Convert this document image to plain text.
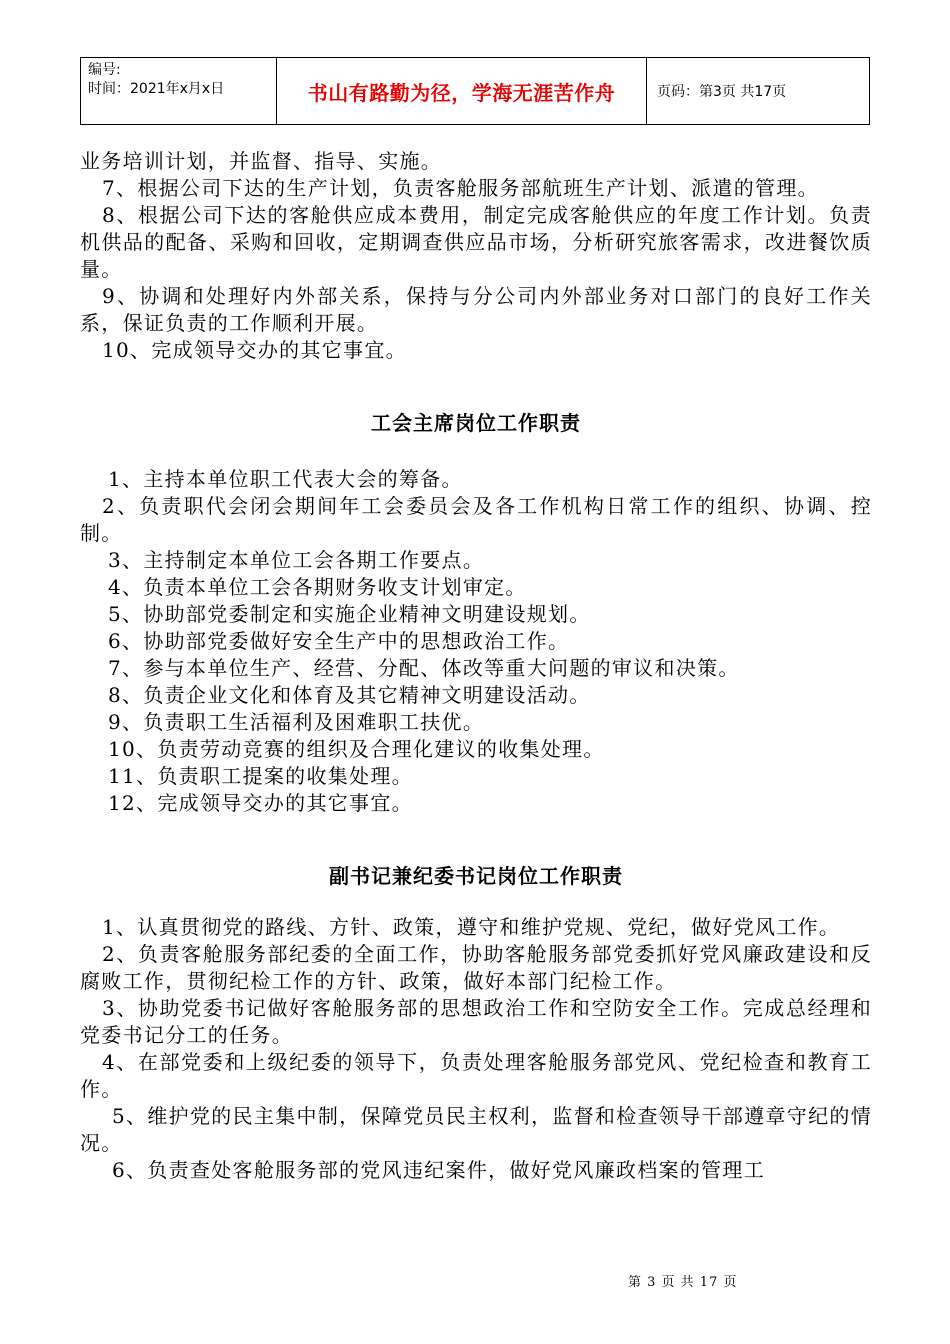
编号:
时间：2021年x月x日	书山有路勤为径，学海无涯苦作舟	页码：第3页 共17页

业务培训计划，并监督、指导、实施。

7、根据公司下达的生产计划，负责客舱服务部航班生产计划、派遣的管理。

8、根据公司下达的客舱供应成本费用，制定完成客舱供应的年度工作计划。负责机供品的配备、采购和回收，定期调查供应品市场，分析研究旅客需求，改进餐饮质量。

9、协调和处理好内外部关系，保持与分公司内外部业务对口部门的良好工作关系，保证负责的工作顺利开展。

10、完成领导交办的其它事宜。

工会主席岗位工作职责

1、主持本单位职工代表大会的筹备。

2、负责职代会闭会期间年工会委员会及各工作机构日常工作的组织、协调、控制。

3、主持制定本单位工会各期工作要点。

4、负责本单位工会各期财务收支计划审定。

5、协助部党委制定和实施企业精神文明建设规划。

6、协助部党委做好安全生产中的思想政治工作。

7、参与本单位生产、经营、分配、体改等重大问题的审议和决策。

8、负责企业文化和体育及其它精神文明建设活动。

9、负责职工生活福利及困难职工扶优。

10、负责劳动竞赛的组织及合理化建议的收集处理。

11、负责职工提案的收集处理。

12、完成领导交办的其它事宜。

副书记兼纪委书记岗位工作职责

1、认真贯彻党的路线、方针、政策，遵守和维护党规、党纪，做好党风工作。

2、负责客舱服务部纪委的全面工作，协助客舱服务部党委抓好党风廉政建设和反腐败工作，贯彻纪检工作的方针、政策，做好本部门纪检工作。

3、协助党委书记做好客舱服务部的思想政治工作和空防安全工作。完成总经理和党委书记分工的任务。

4、在部党委和上级纪委的领导下，负责处理客舱服务部党风、党纪检查和教育工作。

5、维护党的民主集中制，保障党员民主权利，监督和检查领导干部遵章守纪的情况。

6、负责查处客舱服务部的党风违纪案件，做好党风廉政档案的管理工

第 3 页 共 17 页
